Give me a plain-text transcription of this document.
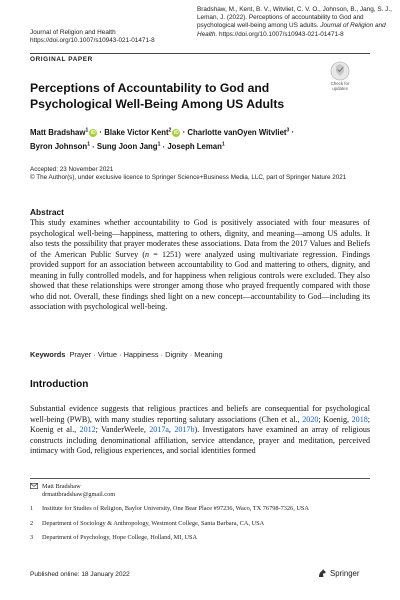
Bradshaw, M., Kent, B. V., Witvliet, C. V. O., Johnson, B., Jang, S. J., Leman, J. (2022). Perceptions of accountability to God and psychological well-being among US adults. Journal of Religion and Health. https://doi.org/10.1007/s10943-021-01471-8
Journal of Religion and Health
https://doi.org/10.1007/s10943-021-01471-8
ORIGINAL PAPER
Check for
updates
Perceptions of Accountability to God and Psychological Well‑Being Among US Adults
Matt Bradshaw$^1$ iD · Blake Victor Kent$^2$ iD · Charlotte vanOyen Witvliet$^3$ ·
Byron Johnson$^1$ · Sung Joon Jang$^1$ · Joseph Leman$^1$
Accepted: 23 November 2021
© The Author(s), under exclusive licence to Springer Science+Business Media, LLC, part of Springer Nature 2021
Abstract

This study examines whether accountability to God is positively associated with four measures of psychological well-being—happiness, mattering to others, dignity, and meaning—among US adults. It also tests the possibility that prayer moderates these associations. Data from the 2017 Values and Beliefs of the American Public Survey (n = 1251) were analyzed using multivariate regression. Findings provided support for an association between accountability to God and mattering to others, dignity, and meaning in fully controlled models, and for happiness when religious controls were excluded. They also showed that these relationships were stronger among those who prayed frequently compared with those who did not. Overall, these findings shed light on a new concept—accountability to God—including its association with psychological well-being.

Keywords Prayer · Virtue · Happiness · Dignity · Meaning
Introduction

Substantial evidence suggests that religious practices and beliefs are consequential for psychological well-being (PWB), with many studies reporting salutary associations (Chen et al., 2020; Koenig, 2018; Koenig et al., 2012; VanderWeele, 2017a, 2017b). Investigators have examined an array of religious constructs including denominational affiliation, service attendance, prayer and meditation, perceived intimacy with God, religious experiences, and social identities formed

Matt Bradshaw
drmattbradshaw@gmail.com
1	Institute for Studies of Religion, Baylor University, One Bear Place #97236, Waco, TX 76798-7326, USA
2	Department of Sociology & Anthropology, Westmont College, Santa Barbara, CA, USA
3	Department of Psychology, Hope College, Holland, MI, USA
Published online: 18 January 2022	Springer
